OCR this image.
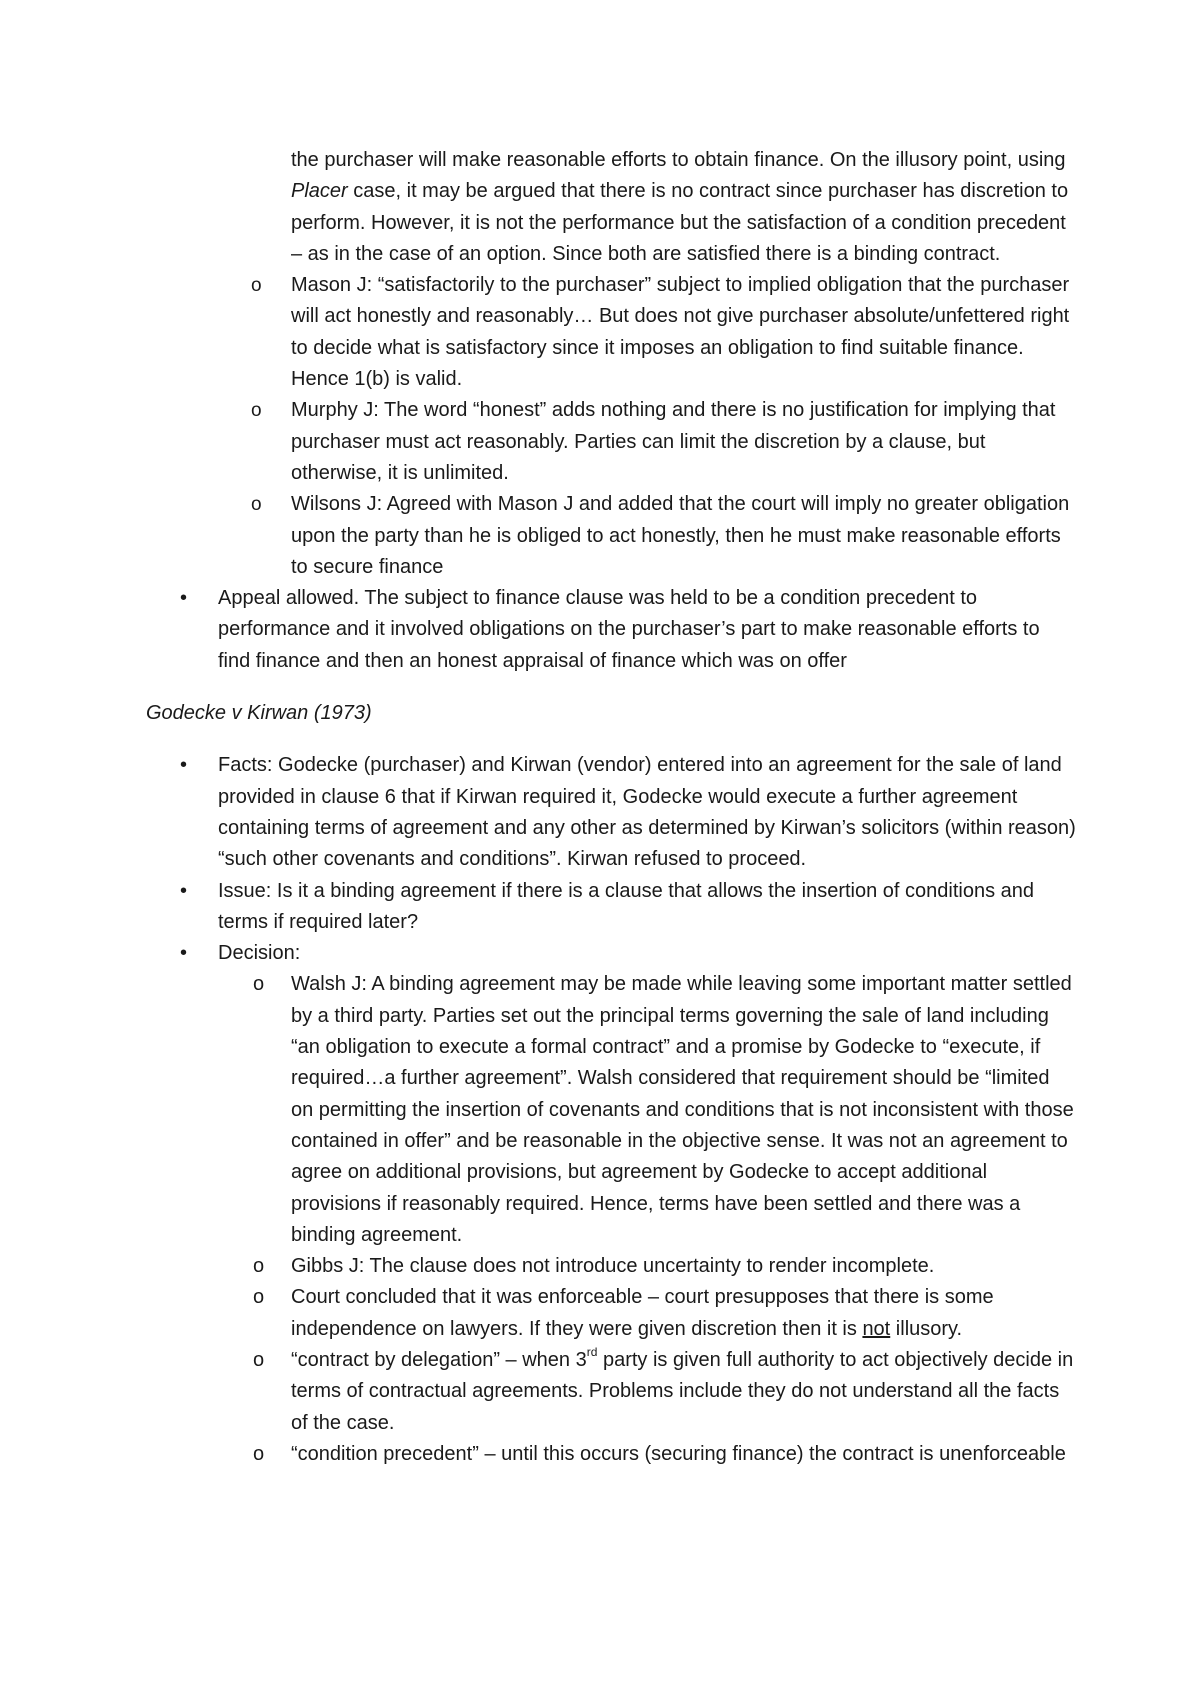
the purchaser will make reasonable efforts to obtain finance. On the illusory point, using Placer case, it may be argued that there is no contract since purchaser has discretion to perform. However, it is not the performance but the satisfaction of a condition precedent – as in the case of an option. Since both are satisfied there is a binding contract.
o	Mason J: “satisfactorily to the purchaser” subject to implied obligation that the purchaser will act honestly and reasonably… But does not give purchaser absolute/unfettered right to decide what is satisfactory since it imposes an obligation to find suitable finance. Hence 1(b) is valid.
o	Murphy J: The word “honest” adds nothing and there is no justification for implying that purchaser must act reasonably. Parties can limit the discretion by a clause, but otherwise, it is unlimited.
o	Wilsons J: Agreed with Mason J and added that the court will imply no greater obligation upon the party than he is obliged to act honestly, then he must make reasonable efforts to secure finance
•	Appeal allowed. The subject to finance clause was held to be a condition precedent to performance and it involved obligations on the purchaser’s part to make reasonable efforts to find finance and then an honest appraisal of finance which was on offer
Godecke v Kirwan (1973)
•	Facts: Godecke (purchaser) and Kirwan (vendor) entered into an agreement for the sale of land provided in clause 6 that if Kirwan required it, Godecke would execute a further agreement containing terms of agreement and any other as determined by Kirwan’s solicitors (within reason) “such other covenants and conditions”. Kirwan refused to proceed.
•	Issue: Is it a binding agreement if there is a clause that allows the insertion of conditions and terms if required later?
•	Decision:
o Walsh J: A binding agreement may be made while leaving some important matter settled by a third party. Parties set out the principal terms governing the sale of land including “an obligation to execute a formal contract” and a promise by Godecke to “execute, if required…a further agreement”. Walsh considered that requirement should be “limited on permitting the insertion of covenants and conditions that is not inconsistent with those contained in offer” and be reasonable in the objective sense. It was not an agreement to agree on additional provisions, but agreement by Godecke to accept additional provisions if reasonably required. Hence, terms have been settled and there was a binding agreement.
o Gibbs J: The clause does not introduce uncertainty to render incomplete.
o Court concluded that it was enforceable – court presupposes that there is some independence on lawyers. If they were given discretion then it is not illusory.
o “contract by delegation” – when 3rd party is given full authority to act objectively decide in terms of contractual agreements. Problems include they do not understand all the facts of the case.
o “condition precedent” – until this occurs (securing finance) the contract is unenforceable
